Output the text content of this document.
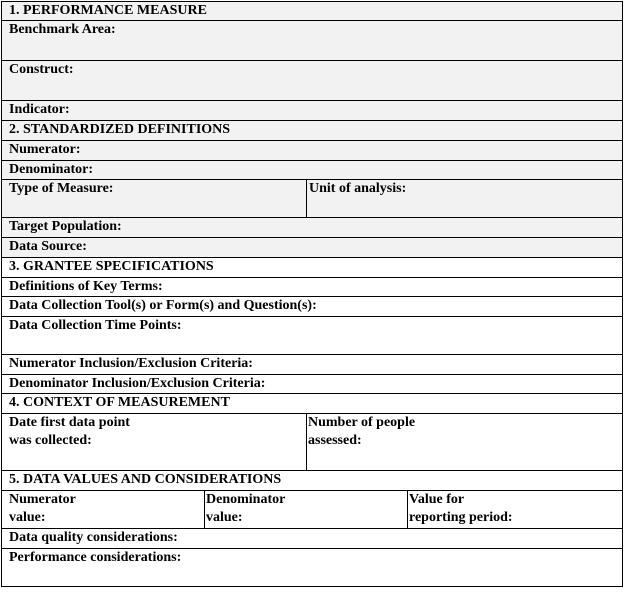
1. PERFORMANCE MEASURE
Benchmark Area:
Construct:
Indicator:
2. STANDARDIZED DEFINITIONS
Numerator:
Denominator:
Type of Measure:	Unit of analysis:
Target Population:
Data Source:
3. GRANTEE SPECIFICATIONS
Definitions of Key Terms:
Data Collection Tool(s) or Form(s) and Question(s):
Data Collection Time Points:
Numerator Inclusion/Exclusion Criteria:
Denominator Inclusion/Exclusion Criteria:
4. CONTEXT OF MEASUREMENT
Date first data point
was collected:
Number of people
assessed:
5. DATA VALUES AND CONSIDERATIONS
Numerator
value:
Denominator
value:
Value for
reporting period:
Data quality considerations:
Performance considerations:
